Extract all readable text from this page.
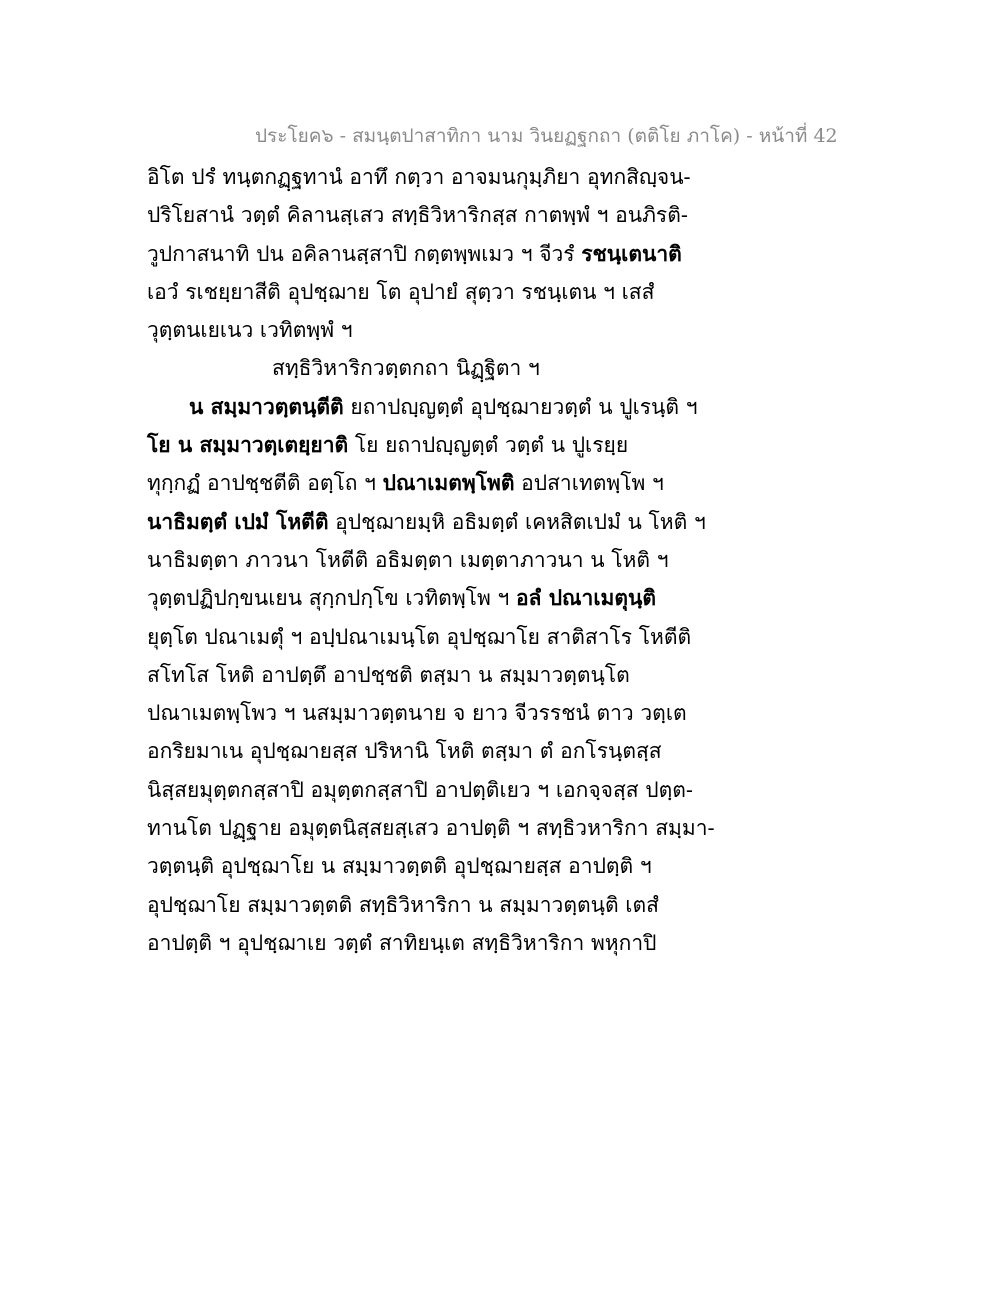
ประโยค๖ - สมนฺตปาสาทิกา นาม วินยฏฐกถา (ตติโย ภาโค) - หน้าที่ 42
อิโต ปรํ ทนฺตกฏฺฐทานํ อาทึ กตฺวา อาจมนกุมฺภิยา อุทกสิญฺจน-
ปริโยสานํ วตฺตํ คิลานสฺเสว สทฺธิวิหาริกสฺส กาตพฺพํ ฯ อนภิรติ-
วูปกาสนาทิ ปน อคิลานสฺสาปิ กตฺตพฺพเมว ฯ จีวรํ รชนฺเตนาติ
เอวํ รเชยฺยาสีติ อุปชฺฌาย โต อุปายํ สุตฺวา รชนฺเตน ฯ เสสํ
วุตฺตนเยเนว เวทิตพฺพํ ฯ
สทฺธิวิหาริกวตฺตกถา นิฏฺฐิตา ฯ
น สมฺมาวตฺตนฺตีติ ยถาปญฺญตฺตํ อุปชฺฌายวตฺตํ น ปูเรนฺติ ฯ
โย น สมฺมาวตฺเตยฺยาติ โย ยถาปญฺญตฺตํ วตฺตํ น ปูเรยฺย
ทุกฺกฏํ อาปชฺชตีติ อตฺโถ ฯ ปณาเมตพฺโพติ อปสาเทตพฺโพ ฯ
นาธิมตฺตํ เปมํ โหตีติ อุปชฺฌายมฺหิ อธิมตฺตํ เคหสิตเปมํ น โหติ ฯ
นาธิมตฺตา ภาวนา โหตีติ อธิมตฺตา เมตฺตาภาวนา น โหติ ฯ
วุตฺตปฏิปกฺขนเยน สุกฺกปกฺโข เวทิตพฺโพ ฯ อลํ ปณาเมตุนฺติ
ยุตฺโต ปณาเมตุํ ฯ อปฺปณาเมนฺโต อุปชฺฌาโย สาติสาโร โหตีติ
สโทโส โหติ อาปตฺตึ อาปชฺชติ ตสฺมา น สมฺมาวตฺตนฺโต
ปณาเมตพฺโพว ฯ นสมฺมาวตฺตนาย จ ยาว จีวรรชนํ ตาว วตฺเต
อกริยมาเน อุปชฺฌายสฺส ปริหานิ โหติ ตสฺมา ตํ อกโรนฺตสฺส
นิสฺสยมุตฺตกสฺสาปิ อมุตฺตกสฺสาปิ อาปตฺติเยว ฯ เอกจฺจสฺส ปตฺต-
ทานโต ปฏฺฐาย อมุตฺตนิสฺสยสฺเสว อาปตฺติ ฯ สทฺธิวหาริกา สมฺมา-
วตฺตนฺติ อุปชฺฌาโย น สมฺมาวตฺตติ อุปชฺฌายสฺส อาปตฺติ ฯ
อุปชฺฌาโย สมฺมาวตฺตติ สทฺธิวิหาริกา น สมฺมาวตฺตนฺติ เตสํ
อาปตฺติ ฯ อุปชฺฌาเย วตฺตํ สาทิยนฺเต สทฺธิวิหาริกา พหุกาปิ
